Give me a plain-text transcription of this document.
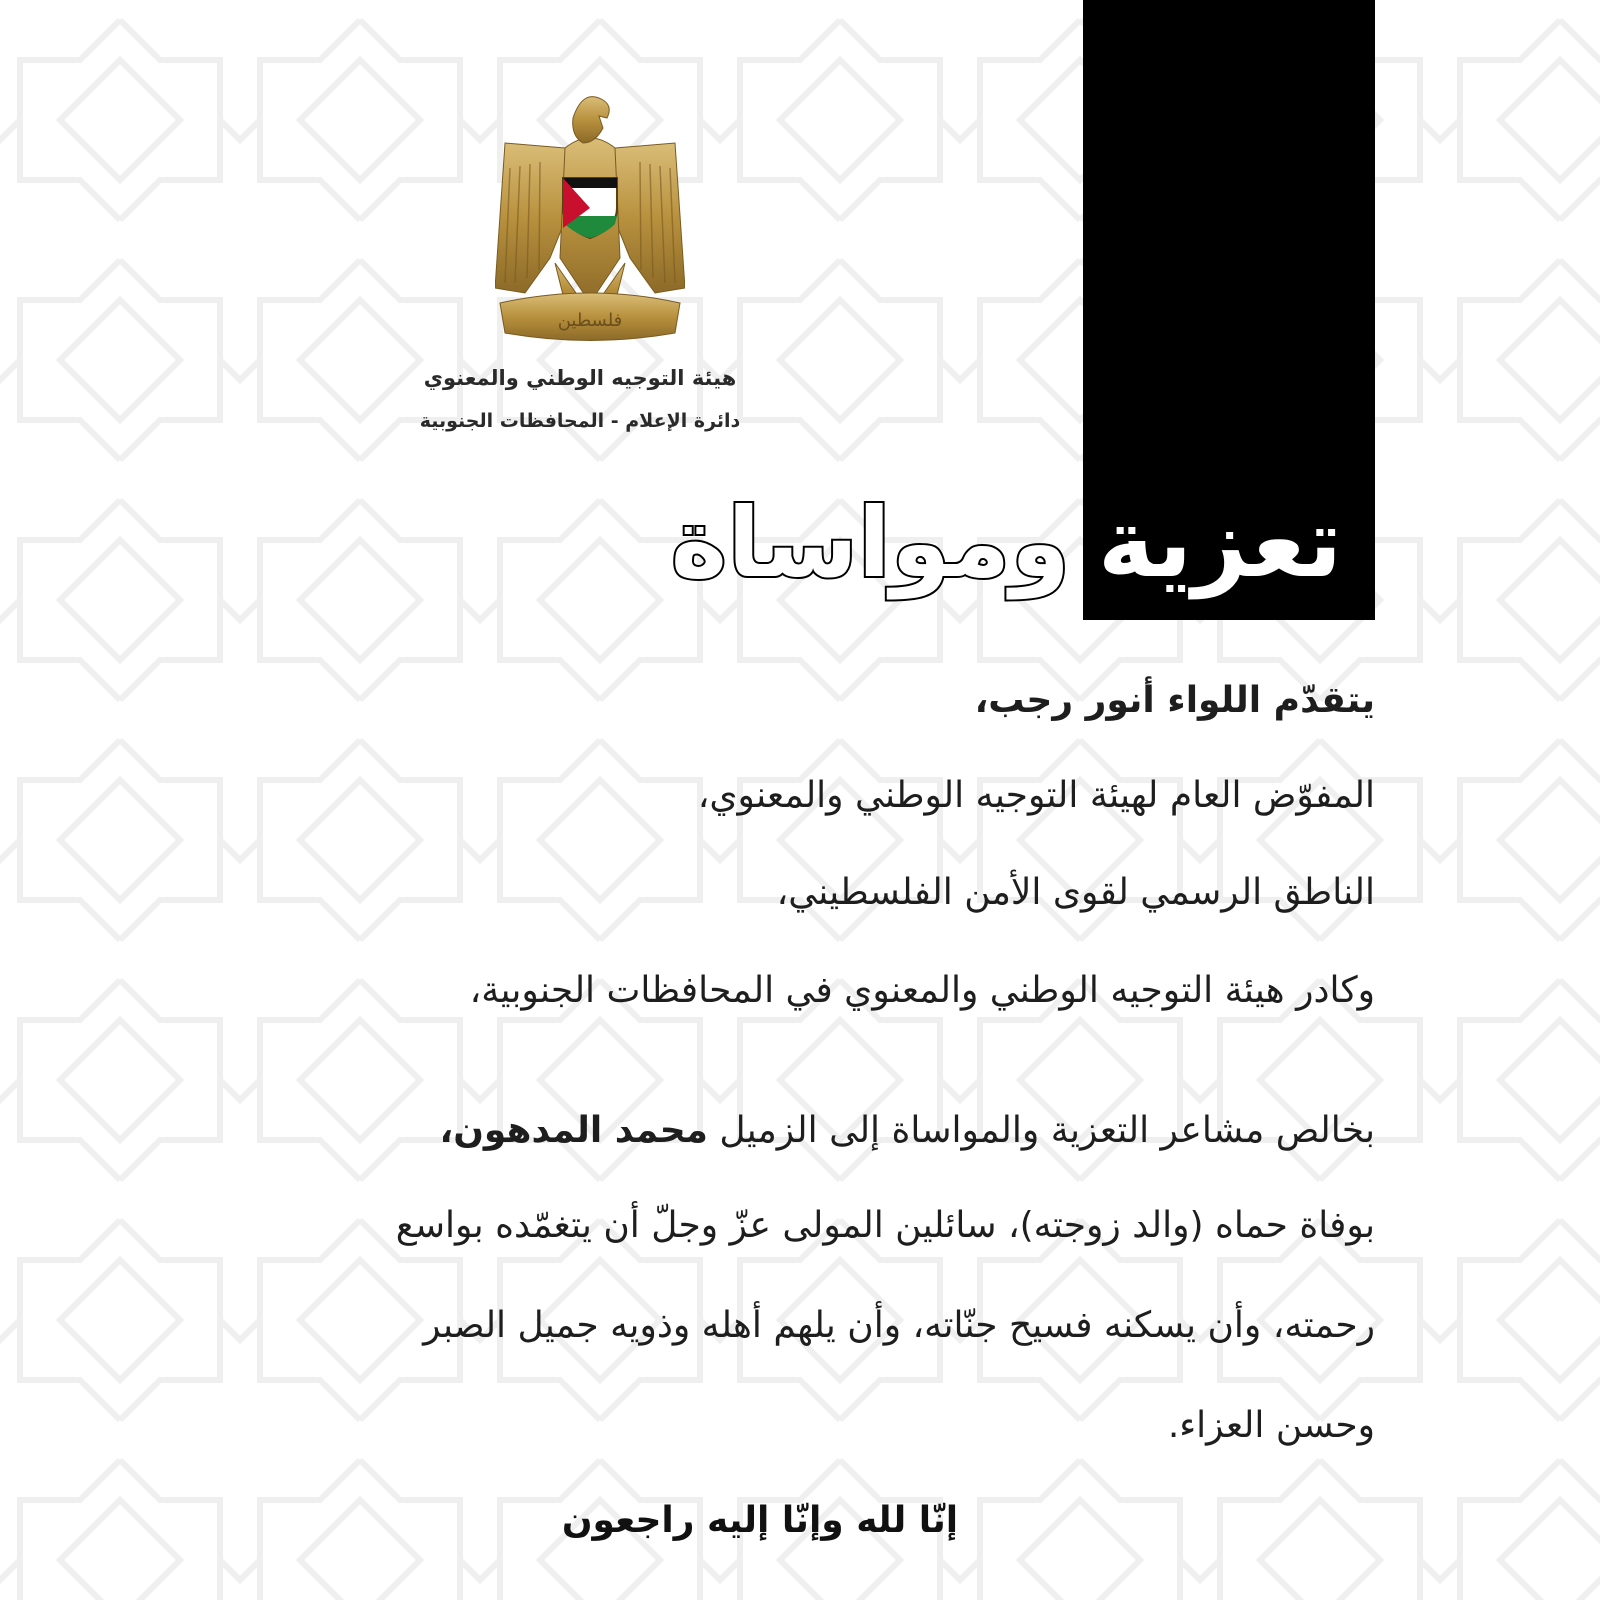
فلسطين
هيئة التوجيه الوطني والمعنوي
دائرة الإعلام - المحافظات الجنوبية
تعزية
ومواساة
يتقدّم اللواء أنور رجب،
المفوّض العام لهيئة التوجيه الوطني والمعنوي،
الناطق الرسمي لقوى الأمن الفلسطيني،
وكادر هيئة التوجيه الوطني والمعنوي في المحافظات الجنوبية،
بخالص مشاعر التعزية والمواساة إلى الزميل محمد المدهون،
بوفاة حماه (والد زوجته)، سائلين المولى عزّ وجلّ أن يتغمّده بواسع
رحمته، وأن يسكنه فسيح جنّاته، وأن يلهم أهله وذويه جميل الصبر
وحسن العزاء.
إنّا لله وإنّا إليه راجعون
